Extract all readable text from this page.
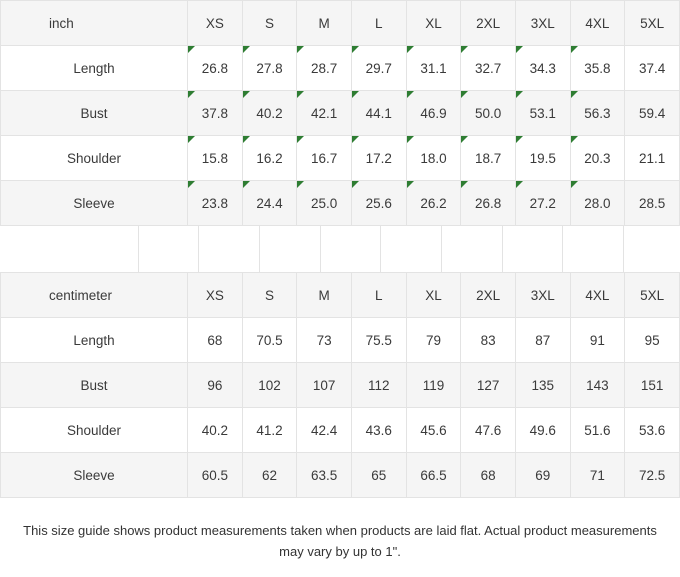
inch	XS	S	M	L	XL	2XL	3XL	4XL	5XL
Length	26.8	27.8	28.7	29.7	31.1	32.7	34.3	35.8	37.4
Bust	37.8	40.2	42.1	44.1	46.9	50.0	53.1	56.3	59.4
Shoulder	15.8	16.2	16.7	17.2	18.0	18.7	19.5	20.3	21.1
Sleeve	23.8	24.4	25.0	25.6	26.2	26.8	27.2	28.0	28.5
centimeter	XS	S	M	L	XL	2XL	3XL	4XL	5XL
Length	68	70.5	73	75.5	79	83	87	91	95
Bust	96	102	107	112	119	127	135	143	151
Shoulder	40.2	41.2	42.4	43.6	45.6	47.6	49.6	51.6	53.6
Sleeve	60.5	62	63.5	65	66.5	68	69	71	72.5
This size guide shows product measurements taken when products are laid flat. Actual product measurements may vary by up to 1".
